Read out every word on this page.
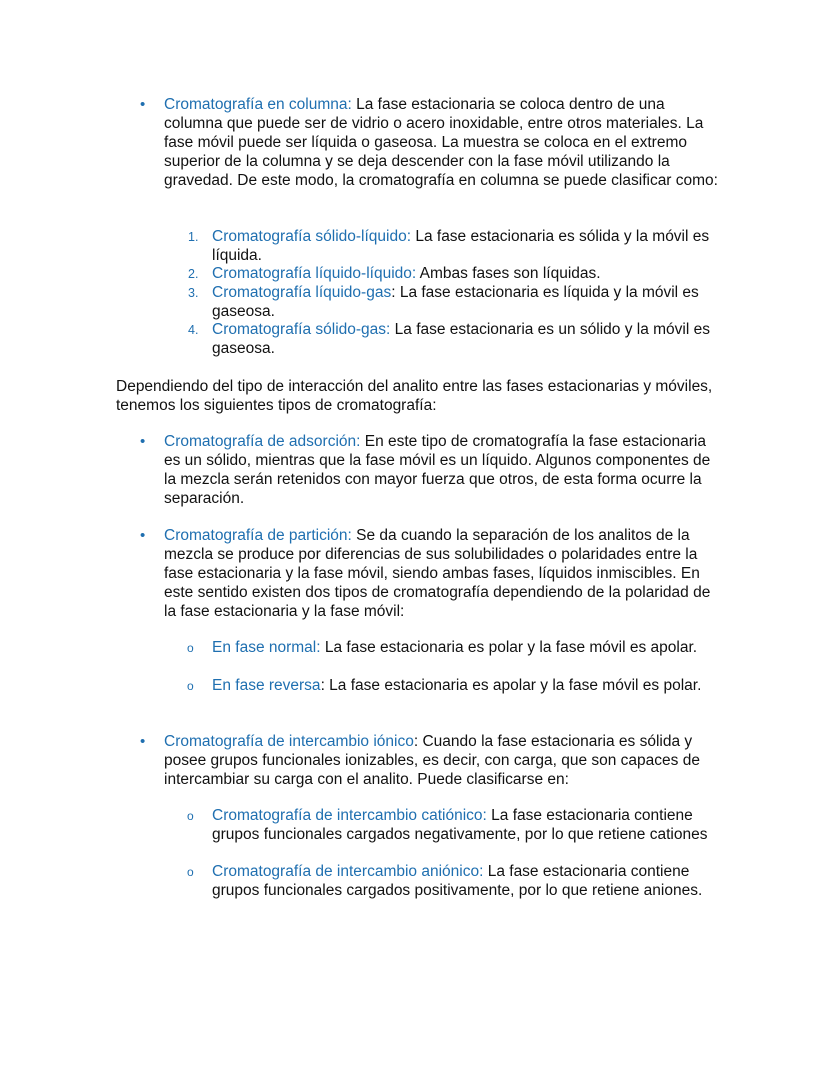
• Cromatografía en columna: La fase estacionaria se coloca dentro de una columna que puede ser de vidrio o acero inoxidable, entre otros materiales. La fase móvil puede ser líquida o gaseosa. La muestra se coloca en el extremo superior de la columna y se deja descender con la fase móvil utilizando la gravedad. De este modo, la cromatografía en columna se puede clasificar como:
1. Cromatografía sólido-líquido: La fase estacionaria es sólida y la móvil es líquida.
2. Cromatografía líquido-líquido: Ambas fases son líquidas.
3. Cromatografía líquido-gas: La fase estacionaria es líquida y la móvil es gaseosa.
4. Cromatografía sólido-gas: La fase estacionaria es un sólido y la móvil es gaseosa.
Dependiendo del tipo de interacción del analito entre las fases estacionarias y móviles, tenemos los siguientes tipos de cromatografía:
• Cromatografía de adsorción: En este tipo de cromatografía la fase estacionaria es un sólido, mientras que la fase móvil es un líquido. Algunos componentes de la mezcla serán retenidos con mayor fuerza que otros, de esta forma ocurre la separación.
• Cromatografía de partición: Se da cuando la separación de los analitos de la mezcla se produce por diferencias de sus solubilidades o polaridades entre la fase estacionaria y la fase móvil, siendo ambas fases, líquidos inmiscibles. En este sentido existen dos tipos de cromatografía dependiendo de la polaridad de la fase estacionaria y la fase móvil:
o En fase normal: La fase estacionaria es polar y la fase móvil es apolar.
o En fase reversa: La fase estacionaria es apolar y la fase móvil es polar.
• Cromatografía de intercambio iónico: Cuando la fase estacionaria es sólida y posee grupos funcionales ionizables, es decir, con carga, que son capaces de intercambiar su carga con el analito. Puede clasificarse en:
o Cromatografía de intercambio catiónico: La fase estacionaria contiene grupos funcionales cargados negativamente, por lo que retiene cationes
o Cromatografía de intercambio aniónico: La fase estacionaria contiene grupos funcionales cargados positivamente, por lo que retiene aniones.
